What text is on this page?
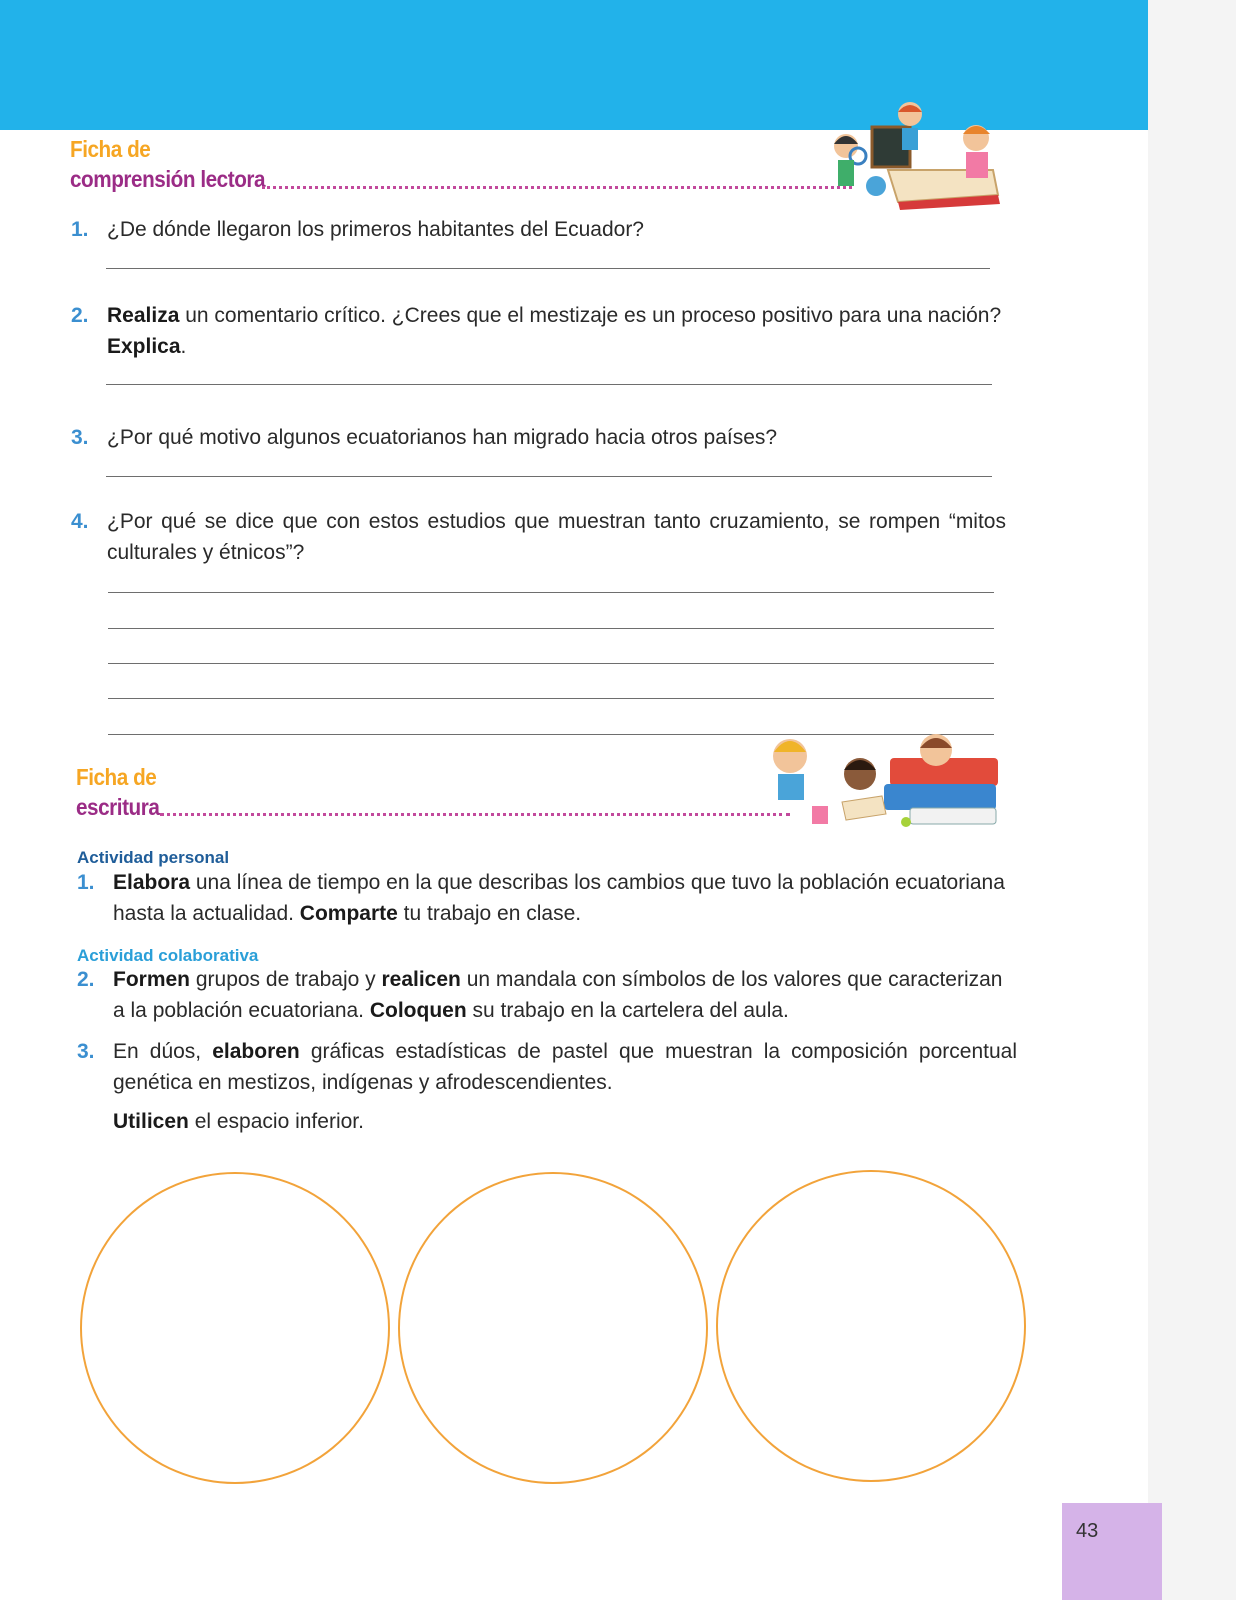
Ficha de
comprensión lectora
1. ¿De dónde llegaron los primeros habitantes del Ecuador?
2. Realiza un comentario crítico. ¿Crees que el mestizaje es un proceso positivo para una nación? Explica.
3. ¿Por qué motivo algunos ecuatorianos han migrado hacia otros países?
4. ¿Por qué se dice que con estos estudios que muestran tanto cruzamiento, se rompen “mitos culturales y étnicos”?
Ficha de
escritura
Actividad personal
1. Elabora una línea de tiempo en la que describas los cambios que tuvo la población ecuatoriana hasta la actualidad. Comparte tu trabajo en clase.
Actividad colaborativa
2. Formen grupos de trabajo y realicen un mandala con símbolos de los valores que caracterizan a la población ecuatoriana. Coloquen su trabajo en la cartelera del aula.
3. En dúos, elaboren gráficas estadísticas de pastel que muestran la composición porcentual genética en mestizos, indígenas y afrodescendientes.
Utilicen el espacio inferior.
43
